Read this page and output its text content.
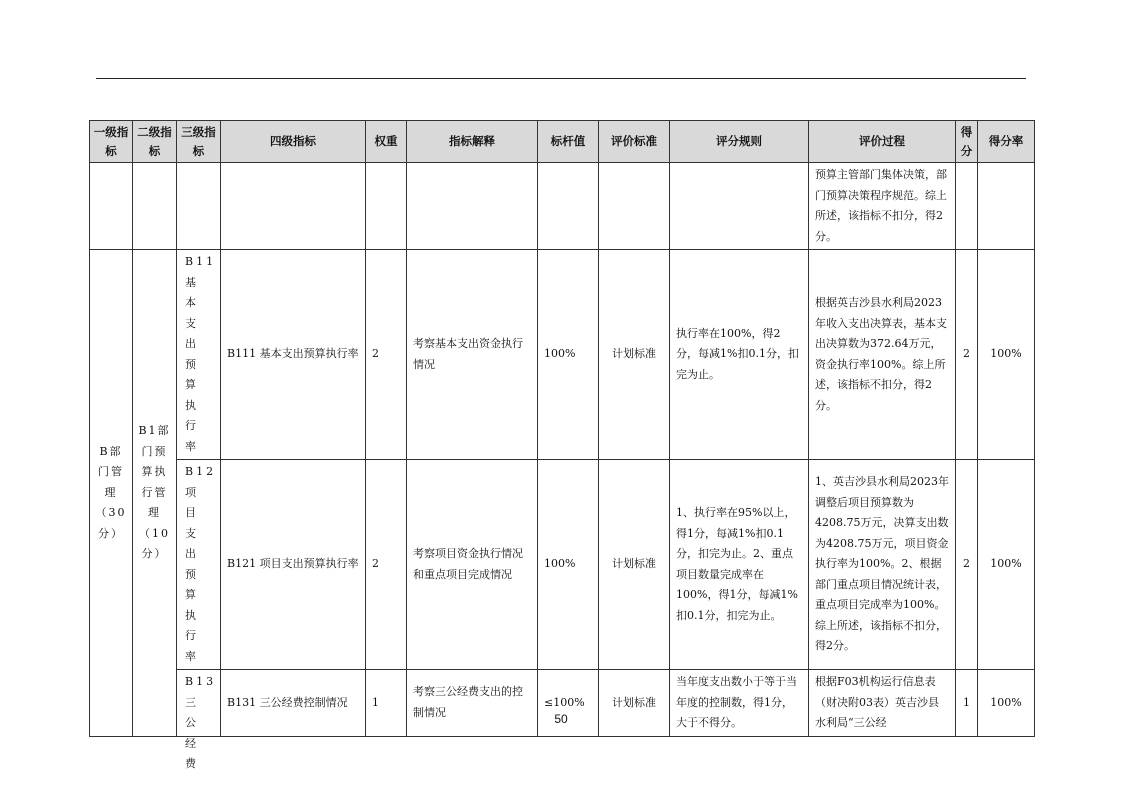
一级指标	二级指标	三级指标	四级指标	权重	指标解释	标杆值	评价标准	评分规则	评价过程	得分	得分率
									预算主管部门集体决策，部门预算决策程序规范。综上所述，该指标不扣分，得2分。		
B部门管理（30分）	B1部门预算执行管理（10分）	B11基本支出预算执行率	B111 基本支出预算执行率	2	考察基本支出资金执行情况	100%	计划标准	执行率在100%，得2分，每减1%扣0.1分，扣完为止。	根据英吉沙县水利局2023年收入支出决算表，基本支出决算数为372.64万元，资金执行率100%。综上所述，该指标不扣分，得2分。	2	100%
		B12项目支出预算执行率	B121 项目支出预算执行率	2	考察项目资金执行情况和重点项目完成情况	100%	计划标准	1、执行率在95%以上，得1分，每减1%扣0.1分，扣完为止。2、重点项目数量完成率在100%，得1分，每减1%扣0.1分，扣完为止。	1、英吉沙县水利局2023年调整后项目预算数为4208.75万元，决算支出数为4208.75万元，项目资金执行率为100%。2、根据部门重点项目情况统计表，重点项目完成率为100%。综上所述，该指标不扣分，得2分。	2	100%

		B13三公经费	B131 三公经费控制情况	1	考察三公经费支出的控制情况	≤100%	计划标准	当年度支出数小于等于当年度的控制数，得1分，大于不得分。	根据F03机构运行信息表（财决附03表）英吉沙县水利局“三公经	1	100%
50
